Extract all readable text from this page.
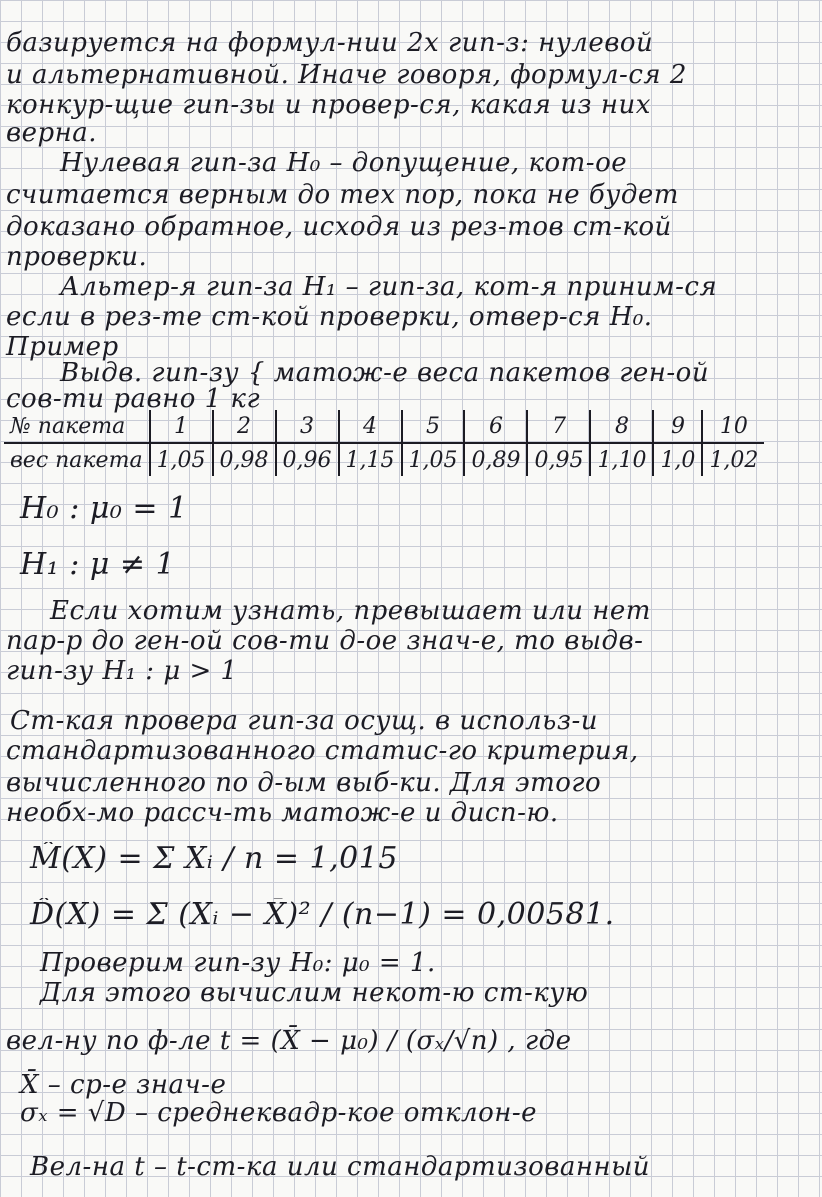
базируется на формул-нии 2х гип-з: нулевой
и альтернативной. Иначе говоря, формул-ся 2
конкур-щие гип-зы и провер-ся, какая из них
верна.
Нулевая гип-за H₀ – допущение, кот-ое
считается верным до тех пор, пока не будет
доказано обратное, исходя из рез-тов ст-кой
проверки.
Альтер-я гип-за H₁ – гип-за, кот-я приним-ся
если в рез-те ст-кой проверки, отвер-ся H₀.
Пример
Выдв. гип-зу { матож-е веса пакетов ген-ой
сов-ти равно 1 кг
№ пакета	1	2	3	4	5	6	7	8	9	10
вес пакета	1,05	0,98	0,96	1,15	1,05	0,89	0,95	1,10	1,0	1,02
H₀ : μ₀ = 1
H₁ : μ ≠ 1
Если хотим узнать, превышает или нет
пар-р до ген-ой сов-ти д-ое знач-е, то выдв-
гип-зу H₁ : μ > 1
Ст-кая провера гип-за осущ. в использ-и
стандартизованного статис-го критерия,
вычисленного по д-ым выб-ки. Для этого
необх-мо рассч-ть матож-е и дисп-ю.
M̂(X) = Σ Xᵢ / n = 1,015
D̂(X) = Σ (Xᵢ − X̄)² / (n−1) = 0,00581.
Проверим гип-зу H₀: μ₀ = 1.
Для этого вычислим некот-ю ст-кую
вел-ну по ф-ле t = (X̄ − μ₀) / (σₓ/√n) , где
X̄ – ср-е знач-е
σₓ = √D – среднеквадр-кое отклон-е
Вел-на t – t-ст-ка или стандартизованный
